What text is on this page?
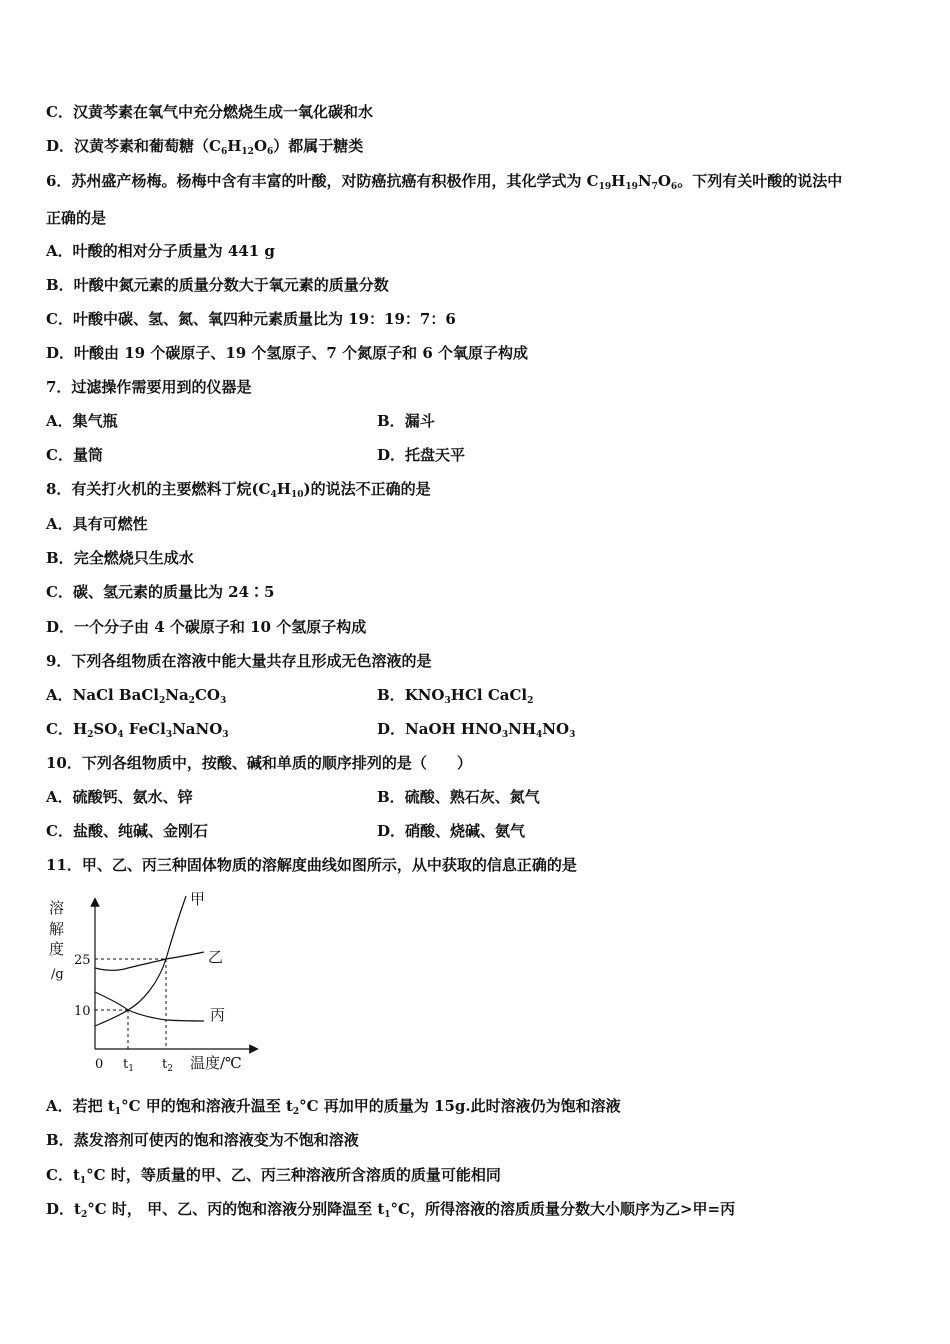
C．汉黄芩素在氧气中充分燃烧生成一氧化碳和水
D．汉黄芩素和葡萄糖$(C_6H_{12}O_6)$都属于糖类
6．苏州盛产杨梅。杨梅中含有丰富的叶酸，对防癌抗癌有积极作用，其化学式为 $C_{19}H_{19}N_7O_6$。下列有关叶酸的说法中
正确的是
A．叶酸的相对分子质量为 441 g
B．叶酸中氮元素的质量分数大于氧元素的质量分数
C．叶酸中碳、氢、氮、氧四种元素质量比为 19：19：7：6
D．叶酸由 19 个碳原子、19 个氢原子、7 个氮原子和 6 个氧原子构成
7．过滤操作需要用到的仪器是
A．集气瓶	B．漏斗
C．量筒	D．托盘天平
8．有关打火机的主要燃料丁烷$(C_4H_{10})$的说法不正确的是
A．具有可燃性
B．完全燃烧只生成水
C．碳、氢元素的质量比为 24∶5
D．一个分子由 4 个碳原子和 10 个氢原子构成
9．下列各组物质在溶液中能大量共存且形成无色溶液的是
A．NaCl $BaCl_2Na_2CO_3$	B．$KNO_3HCl$ CaCl$_2$
C．$H_2SO_4$ FeCl$_3$NaNO$_3$	D．NaOH $HNO_3NH_4NO_3$
10．下列各组物质中，按酸、碱和单质的顺序排列的是（　　）
A．硫酸钙、氨水、锌	B．硫酸、熟石灰、氮气
C．盐酸、纯碱、金刚石	D．硝酸、烧碱、氨气
11．甲、乙、丙三种固体物质的溶解度曲线如图所示，从中获取的信息正确的是
溶
解
度
/g
25
10
0 $t_1$ $t_2$ 温度/℃
甲
乙
丙
A．若把 $t_1^\circ C$ 甲的饱和溶液升温至 $t_2^\circ C$ 再加甲的质量为 15g.此时溶液仍为饱和溶液
B．蒸发溶剂可使丙的饱和溶液变为不饱和溶液
C．$t_1^\circ C$ 时，等质量的甲、乙、丙三种溶液所含溶质的质量可能相同
D．$t_2^\circ C$ 时， 甲、乙、丙的饱和溶液分别降温至 $t_1^\circ C$，所得溶液的溶质质量分数大小顺序为乙>甲=丙
